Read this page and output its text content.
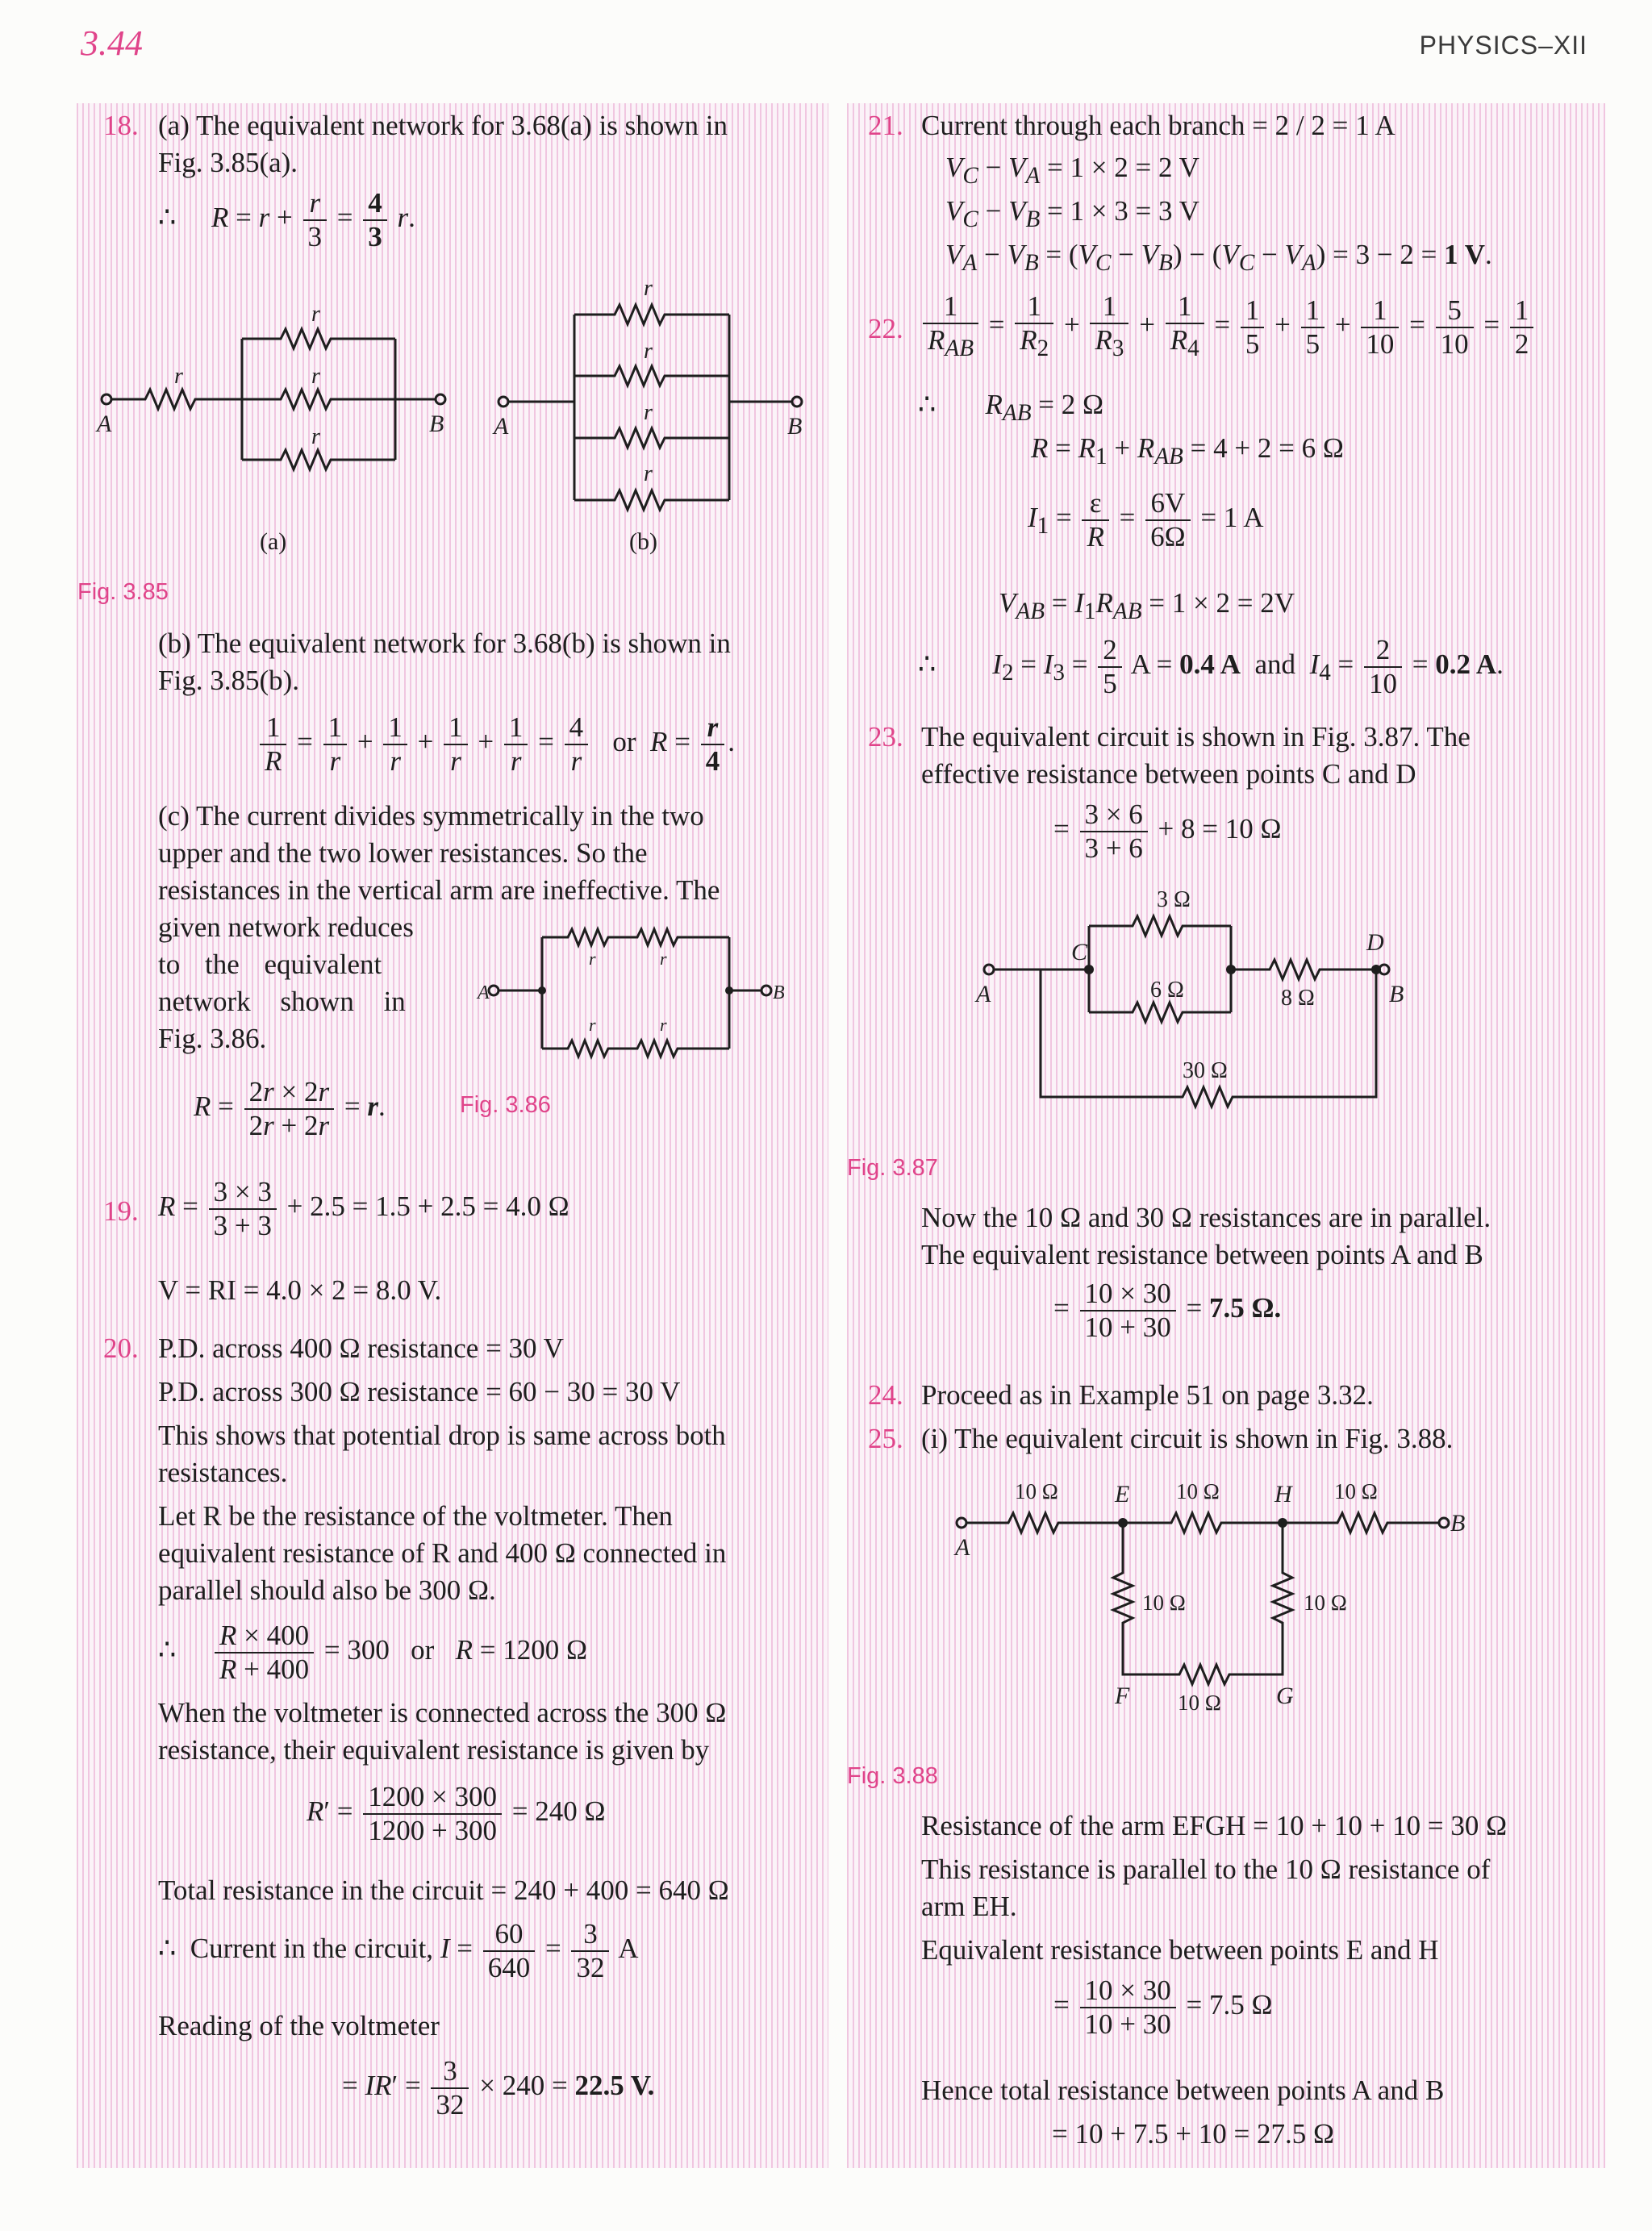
3.44	PHYSICS–XII
18. (a) The equivalent network for 3.68(a) is shown in
Fig. 3.85(a).
∴     $R = r + \frac{r}{3} = \frac{4}{3} r$.
r
r
r
r
A	B
(a)
r
r
r
r
A	B
(b)
Fig. 3.85
(b) The equivalent network for 3.68(b) is shown in
Fig. 3.85(b).
$\frac{1}{R} = \frac{1}{r} + \frac{1}{r} + \frac{1}{r} + \frac{1}{r} = \frac{4}{r}$ or  $R = \frac{r}{4}$ .
(c) The current divides symmetrically in the two
upper and the two lower resistances. So the
resistances in the vertical arm are ineffective. The
given network reduces
to the equivalent
network shown in
Fig. 3.86.
r	r
r	r
A	B
$R = \frac{2r \times 2r}{2r + 2r} = r$.	Fig. 3.86
19. $R = \frac{3 \times 3}{3 + 3} + 2.5 = 1.5 + 2.5 = 4.0$ Ω
V = RI = 4.0 × 2 = 8.0 V.
20. P.D. across 400 Ω resistance = 30 V
P.D. across 300 Ω resistance = 60 − 30 = 30 V
This shows that potential drop is same across both
resistances.
Let R be the resistance of the voltmeter. Then
equivalent resistance of R and 400 Ω connected in
parallel should also be 300 Ω.
∴ $\frac{R \times 400}{R + 400} = 300$   or   R = 1200 Ω
When the voltmeter is connected across the 300 Ω
resistance, their equivalent resistance is given by
$R' = \frac{1200 \times 300}{1200 + 300} = 240$ Ω
Total resistance in the circuit = 240 + 400 = 640 Ω
∴  Current in the circuit, $I = \frac{60}{640} = \frac{3}{32}$ A
Reading of the voltmeter
= $IR' = \frac{3}{32} \times 240 = 22.5$ V.
21. Current through each branch = 2 / 2 = 1 A
$V_C - V_A = 1 \times 2 = 2$ V
$V_C - V_B = 1 \times 3 = 3$ V
$V_A - V_B = (V_C - V_B) - (V_C - V_A) = 3 - 2 = 1$ V.
22. $\frac{1}{R_{AB}} = \frac{1}{R_2} + \frac{1}{R_3} + \frac{1}{R_4} = \frac{1}{5} + \frac{1}{5} + \frac{1}{10} = \frac{5}{10} = \frac{1}{2}$
∴       $R_{AB} = 2$ Ω
$R = R_1 + R_{AB} = 4 + 2 = 6$ Ω
$I_1 = \frac{\text{ɛ}}{R} = \frac{6V}{6\Omega} = 1$ A
$V_{AB} = I_1R_{AB} = 1 \times 2 = 2V$
∴        $I_2 = I_3 = \frac{2}{5}$ A = 0.4 A  and  $I_4 = \frac{2}{10} = 0.2$ A.
23. The equivalent circuit is shown in Fig. 3.87. The
effective resistance between points C and D
= $\frac{3 \times 6}{3 + 6} + 8 = 10$ Ω
3 Ω
6 Ω	8 Ω
30 Ω
A
C	D
B
Fig. 3.87
Now the 10 Ω and 30 Ω resistances are in parallel.
The equivalent resistance between points A and B
= $\frac{10 \times 30}{10 + 30} = 7.5$ Ω.
24. Proceed as in Example 51 on page 3.32.
25. (i) The equivalent circuit is shown in Fig. 3.88.
10 Ω	10 Ω	10 Ω
10 Ω	10 Ω
10 Ω
A
E	H
B
F	G
Fig. 3.88
Resistance of the arm EFGH = 10 + 10 + 10 = 30 Ω
This resistance is parallel to the 10 Ω resistance of
arm EH.
Equivalent resistance between points E and H
= $\frac{10 \times 30}{10 + 30} = 7.5$ Ω
Hence total resistance between points A and B
= 10 + 7.5 + 10 = 27.5 Ω
